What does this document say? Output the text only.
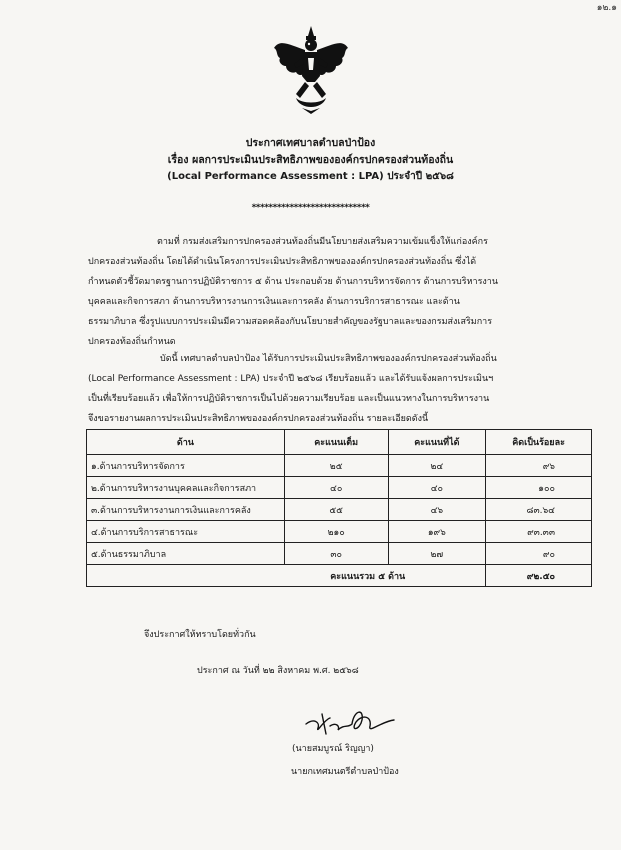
๑๒.๑
ประกาศเทศบาลตำบลป่าป้อง
เรื่อง ผลการประเมินประสิทธิภาพขององค์กรปกครองส่วนท้องถิ่น
(Local Performance Assessment : LPA) ประจำปี ๒๕๖๘
****************************
ตามที่ กรมส่งเสริมการปกครองส่วนท้องถิ่นมีนโยบายส่งเสริมความเข้มแข็งให้แก่องค์กร
ปกครองส่วนท้องถิ่น โดยได้ดำเนินโครงการประเมินประสิทธิภาพขององค์กรปกครองส่วนท้องถิ่น ซึ่งได้
กำหนดตัวชี้วัดมาตรฐานการปฏิบัติราชการ ๕ ด้าน ประกอบด้วย ด้านการบริหารจัดการ ด้านการบริหารงาน
บุคคลและกิจการสภา ด้านการบริหารงานการเงินและการคลัง ด้านการบริการสาธารณะ และด้าน
ธรรมาภิบาล ซึ่งรูปแบบการประเมินมีความสอดคล้องกับนโยบายสำคัญของรัฐบาลและของกรมส่งเสริมการ
ปกครองท้องถิ่นกำหนด
บัดนี้ เทศบาลตำบลป่าป้อง ได้รับการประเมินประสิทธิภาพขององค์กรปกครองส่วนท้องถิ่น
(Local Performance Assessment : LPA) ประจำปี ๒๕๖๘ เรียบร้อยแล้ว และได้รับแจ้งผลการประเมินฯ
เป็นที่เรียบร้อยแล้ว เพื่อให้การปฏิบัติราชการเป็นไปด้วยความเรียบร้อย และเป็นแนวทางในการบริหารงาน
จึงขอรายงานผลการประเมินประสิทธิภาพขององค์กรปกครองส่วนท้องถิ่น รายละเอียดดังนี้
ด้าน	คะแนนเต็ม	คะแนนที่ได้	คิดเป็นร้อยละ
๑.ด้านการบริหารจัดการ	๒๕	๒๔	๙๖
๒.ด้านการบริหารงานบุคคลและกิจการสภา	๔๐	๔๐	๑๐๐
๓.ด้านการบริหารงานการเงินและการคลัง	๕๕	๔๖	๘๓.๖๔
๔.ด้านการบริการสาธารณะ	๒๑๐	๑๙๖	๙๓.๓๓
๕.ด้านธรรมาภิบาล	๓๐	๒๗	๙๐
คะแนนรวม ๕ ด้าน			๙๒.๕๐
จึงประกาศให้ทราบโดยทั่วกัน
ประกาศ ณ วันที่ ๒๒ สิงหาคม พ.ศ. ๒๕๖๘
(นายสมบูรณ์ ริญญา)
นายกเทศมนตรีตำบลป่าป้อง
